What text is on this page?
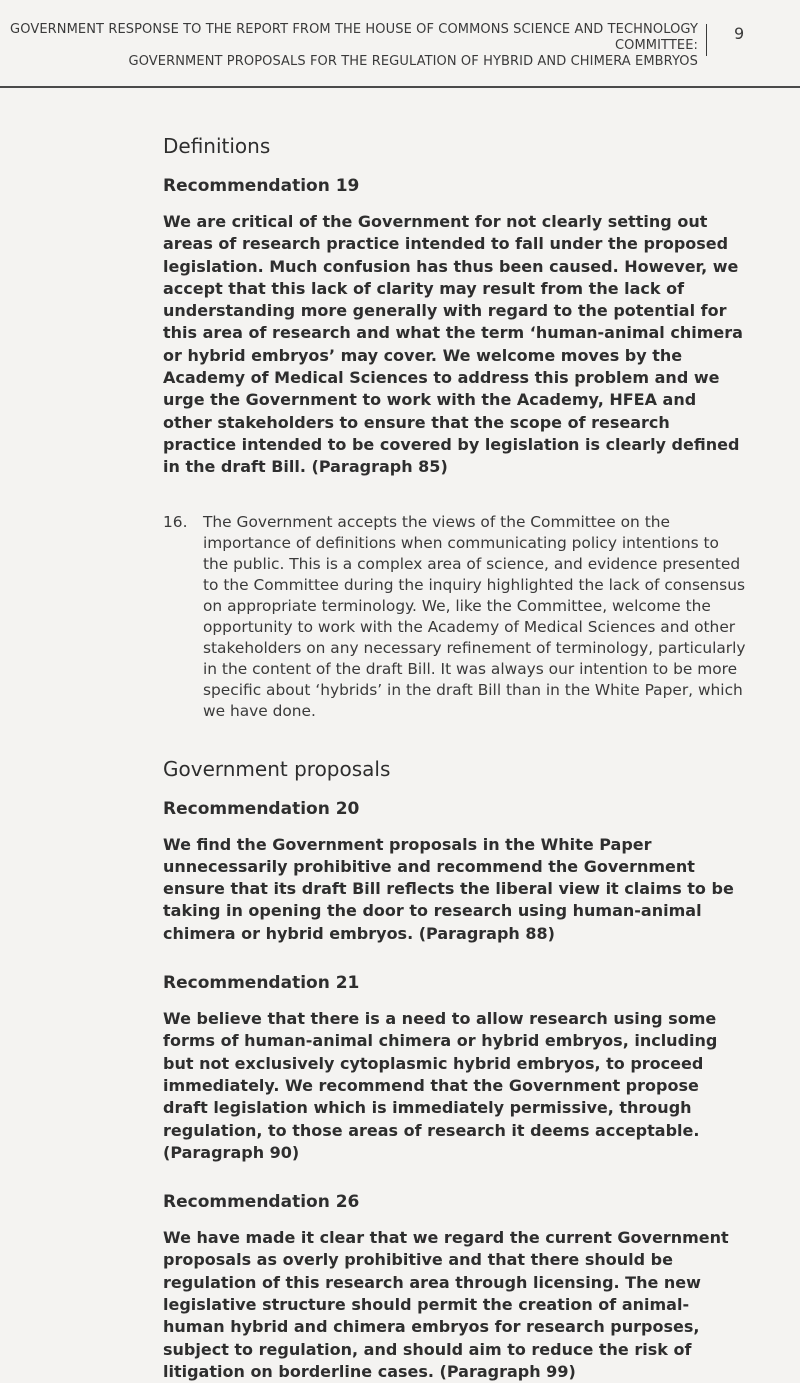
GOVERNMENT RESPONSE TO THE REPORT FROM THE HOUSE OF COMMONS SCIENCE AND TECHNOLOGY COMMITTEE:
GOVERNMENT PROPOSALS FOR THE REGULATION OF HYBRID AND CHIMERA EMBRYOS
9
Definitions
Recommendation 19

We are critical of the Government for not clearly setting out areas of research practice intended to fall under the proposed legislation. Much confusion has thus been caused. However, we accept that this lack of clarity may result from the lack of understanding more generally with regard to the potential for this area of research and what the term ‘human-animal chimera or hybrid embryos’ may cover. We welcome moves by the Academy of Medical Sciences to address this problem and we urge the Government to work with the Academy, HFEA and other stakeholders to ensure that the scope of research practice intended to be covered by legislation is clearly defined in the draft Bill. (Paragraph 85)

16. The Government accepts the views of the Committee on the importance of definitions when communicating policy intentions to the public. This is a complex area of science, and evidence presented to the Committee during the inquiry highlighted the lack of consensus on appropriate terminology. We, like the Committee, welcome the opportunity to work with the Academy of Medical Sciences and other stakeholders on any necessary refinement of terminology, particularly in the content of the draft Bill. It was always our intention to be more specific about ‘hybrids’ in the draft Bill than in the White Paper, which we have done.
Government proposals
Recommendation 20

We find the Government proposals in the White Paper unnecessarily prohibitive and recommend the Government ensure that its draft Bill reflects the liberal view it claims to be taking in opening the door to research using human-animal chimera or hybrid embryos. (Paragraph 88)

Recommendation 21

We believe that there is a need to allow research using some forms of human-animal chimera or hybrid embryos, including but not exclusively cytoplasmic hybrid embryos, to proceed immediately. We recommend that the Government propose draft legislation which is immediately permissive, through regulation, to those areas of research it deems acceptable. (Paragraph 90)

Recommendation 26

We have made it clear that we regard the current Government proposals as overly prohibitive and that there should be regulation of this research area through licensing. The new legislative structure should permit the creation of animal-human hybrid and chimera embryos for research purposes, subject to regulation, and should aim to reduce the risk of litigation on borderline cases. (Paragraph 99)
